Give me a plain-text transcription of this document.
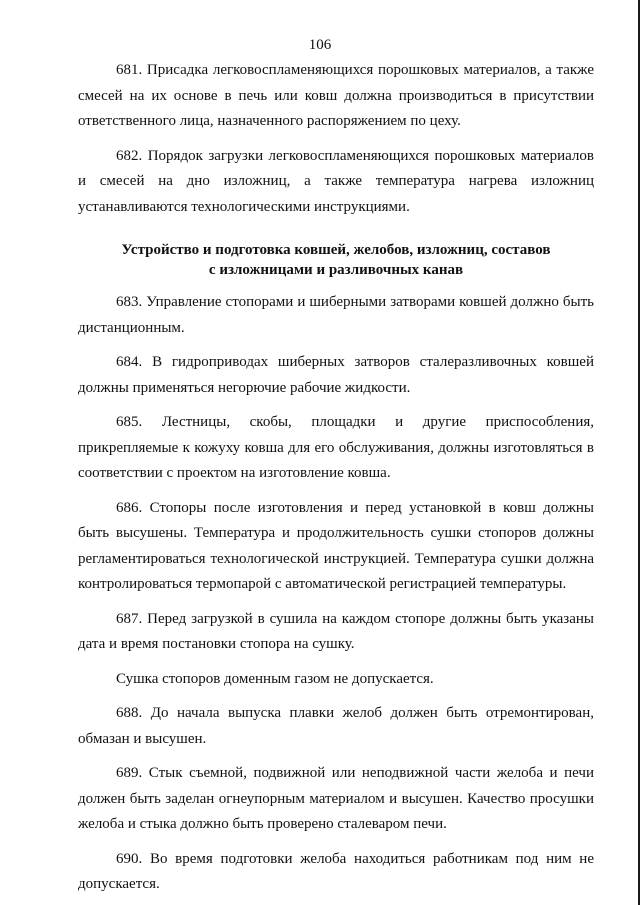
106

681. Присадка легковоспламеняющихся порошковых материалов, а также смесей на их основе в печь или ковш должна производиться в присутствии ответственного лица, назначенного распоряжением по цеху.

682. Порядок загрузки легковоспламеняющихся порошковых материалов и смесей на дно изложниц, а также температура нагрева изложниц устанавливаются технологическими инструкциями.

Устройство и подготовка ковшей, желобов, изложниц, составов
с изложницами и разливочных канав

683. Управление стопорами и шиберными затворами ковшей должно быть дистанционным.

684. В гидроприводах шиберных затворов сталеразливочных ковшей должны применяться негорючие рабочие жидкости.

685. Лестницы, скобы, площадки и другие приспособления, прикрепляемые к кожуху ковша для его обслуживания, должны изготовляться в соответствии с проектом на изготовление ковша.

686. Стопоры после изготовления и перед установкой в ковш должны быть высушены. Температура и продолжительность сушки стопоров должны регламентироваться технологической инструкцией. Температура сушки должна контролироваться термопарой с автоматической регистрацией температуры.

687. Перед загрузкой в сушила на каждом стопоре должны быть указаны дата и время постановки стопора на сушку.

Сушка стопоров доменным газом не допускается.

688. До начала выпуска плавки желоб должен быть отремонтирован, обмазан и высушен.

689. Стык съемной, подвижной или неподвижной части желоба и печи должен быть заделан огнеупорным материалом и высушен. Качество просушки желоба и стыка должно быть проверено сталеваром печи.

690. Во время подготовки желоба находиться работникам под ним не допускается.
